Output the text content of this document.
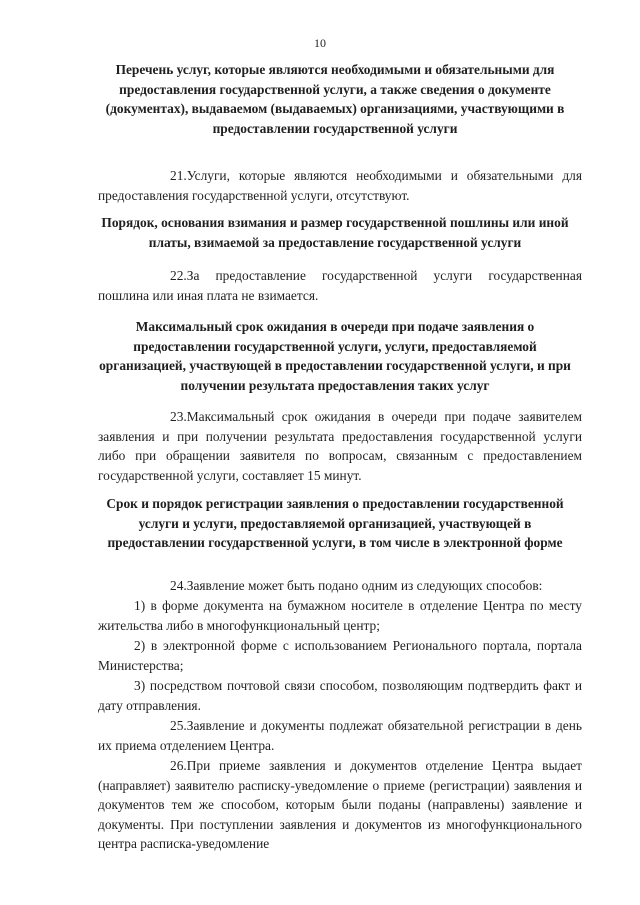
10

Перечень услуг, которые являются необходимыми и обязательными для предоставления государственной услуги, а также сведения о документе (документах), выдаваемом (выдаваемых) организациями, участвующими в предоставлении государственной услуги

21.Услуги, которые являются необходимыми и обязательными для предоставления государственной услуги, отсутствуют.

Порядок, основания взимания и размер государственной пошлины или иной платы, взимаемой за предоставление государственной услуги

22.За предоставление государственной услуги государственная пошлина или иная плата не взимается.

Максимальный срок ожидания в очереди при подаче заявления о предоставлении государственной услуги, услуги, предоставляемой организацией, участвующей в предоставлении государственной услуги, и при получении результата предоставления таких услуг

23.Максимальный срок ожидания в очереди при подаче заявителем заявления и при получении результата предоставления государственной услуги либо при обращении заявителя по вопросам, связанным с предоставлением государственной услуги, составляет 15 минут.

Срок и порядок регистрации заявления о предоставлении государственной услуги и услуги, предоставляемой организацией, участвующей в предоставлении государственной услуги, в том числе в электронной форме

24.Заявление может быть подано одним из следующих способов:

1) в форме документа на бумажном носителе в отделение Центра по месту жительства либо в многофункциональный центр;

2) в электронной форме с использованием Регионального портала, портала Министерства;

3) посредством почтовой связи способом, позволяющим подтвердить факт и дату отправления.

25.Заявление и документы подлежат обязательной регистрации в день их приема отделением Центра.

26.При приеме заявления и документов отделение Центра выдает (направляет) заявителю расписку-уведомление о приеме (регистрации) заявления и документов тем же способом, которым были поданы (направлены) заявление и документы. При поступлении заявления и документов из многофункционального центра расписка-уведомление
